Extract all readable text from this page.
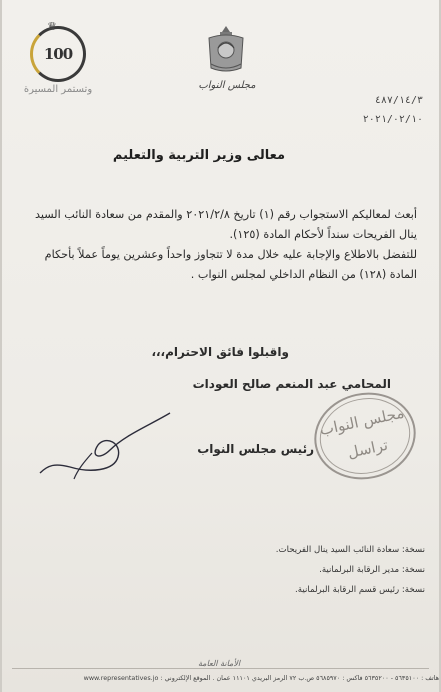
♛
100
وتستمر المسيرة	مجلس النواب
٤٨٧/١٤/٣
٢٠٢١/٠٢/١٠
معالى وزير التربية والتعليم

أبعث لمعاليكم الاستجواب رقم (١) تاريخ ٢٠٢١/٢/٨ والمقدم من سعادة النائب السيد ينال الفريحات سنداً لأحكام المادة (١٢٥).

للتفضل بالاطلاع والإجابة عليه خلال مدة لا تتجاوز واحداً وعشرين يوماً عملاً بأحكام المادة (١٢٨) من النظام الداخلي لمجلس النواب .

واقبلوا فائق الاحترام،،،
المحامي عبد المنعم صالح العودات
رئيس مجلس النواب
مجلس النواب
تراسل
نسخة: سعادة النائب السيد ينال الفريحات.
نسخة: مدير الرقابة البرلمانية.
نسخة: رئيس قسم الرقابة البرلمانية.
الأمانة العامة
هاتف : ٥٦٣٥١٠٠ - ٥٦٣٥٢٠٠ فاكس : ٥٦٨٥٩٧٠ ص.ب ٧٢ الرمز البريدي ١١١٠١ عمان . الموقع الإلكتروني : www.representatives.jo
